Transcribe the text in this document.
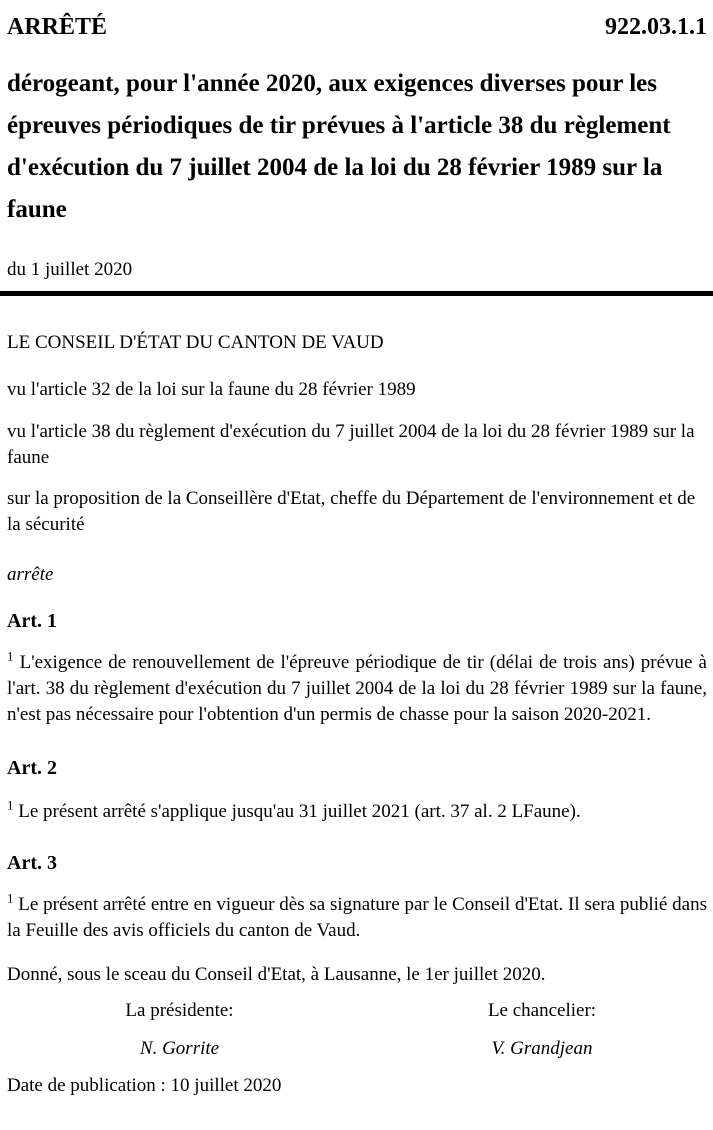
ARRÊTÉ	922.03.1.1
dérogeant, pour l'année 2020, aux exigences diverses pour les épreuves périodiques de tir prévues à l'article 38 du règlement d'exécution du 7 juillet 2004 de la loi du 28 février 1989 sur la faune
du 1 juillet 2020
LE CONSEIL D'ÉTAT DU CANTON DE VAUD
vu l'article 32 de la loi sur la faune du 28 février 1989
vu l'article 38 du règlement d'exécution du 7 juillet 2004 de la loi du 28 février 1989 sur la faune
sur la proposition de la Conseillère d'Etat, cheffe du Département de l'environnement et de la sécurité
arrête
Art. 1
$^1$ L'exigence de renouvellement de l'épreuve périodique de tir (délai de trois ans) prévue à l'art. 38 du règlement d'exécution du 7 juillet 2004 de la loi du 28 février 1989 sur la faune, n'est pas nécessaire pour l'obtention d'un permis de chasse pour la saison 2020-2021.
Art. 2
$^1$ Le présent arrêté s'applique jusqu'au 31 juillet 2021 (art. 37 al. 2 LFaune).
Art. 3
$^1$ Le présent arrêté entre en vigueur dès sa signature par le Conseil d'Etat. Il sera publié dans la Feuille des avis officiels du canton de Vaud.
Donné, sous le sceau du Conseil d'Etat, à Lausanne, le 1er juillet 2020.
La présidente:	Le chancelier:
N. Gorrite	V. Grandjean
Date de publication : 10 juillet 2020
